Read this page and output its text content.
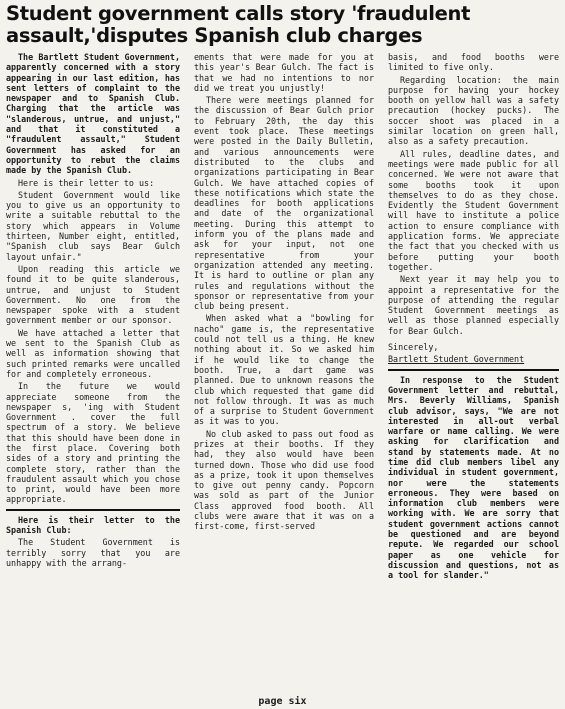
Student government calls story 'fraudulent
assault,'disputes Spanish club charges

The Bartlett Student Government, apparently concerned with a story appearing in our last edition, has sent letters of complaint to the newspaper and to Spanish Club. Charging that the article was "slanderous, untrue, and unjust," and that it constituted a "fraudulent assault," Student Government has asked for an opportunity to rebut the claims made by the Spanish Club.

Here is their letter to us:

Student Government would like you to give us an opportunity to write a suitable rebuttal to the story which appears in Volume thirteen, Number eight, entitled, "Spanish club says Bear Gulch layout unfair."

Upon reading this article we found it to be quite slanderous, untrue, and unjust to Student Government. No one from the newspaper spoke with a student government member or our sponsor.

We have attached a letter that we sent to the Spanish Club as well as information showing that such printed remarks were uncalled for and completely erroneous.

In the future we would appreciate someone from the newspaper s, 'ing with Student Government . cover the full spectrum of a story. We believe that this should have been done in the first place. Covering both sides of a story and printing the complete story, rather than the fraudulent assault which you chose to print, would have been more appropriate.

Here is their letter to the Spanish Club:

The Student Government is terribly sorry that you are unhappy with the arrang-

ements that were made for you at this year's Bear Gulch. The fact is that we had no intentions to nor did we treat you unjustly!

There were meetings planned for the discussion of Bear Gulch prior to February 20th, the day this event took place. These meetings were posted in the Daily Bulletin, and various announcements were distributed to the clubs and organizations participating in Bear Gulch. We have attached copies of these notifications which state the deadlines for booth applications and date of the organizational meeting. During this attempt to inform you of the plans made and ask for your input, not one representative from your organization attended any meeting. It is hard to outline or plan any rules and regulations without the sponsor or representative from your club being present.

When asked what a "bowling for nacho" game is, the representative could not tell us a thing. He knew nothing about it. So we asked him if he would like to change the booth. True, a dart game was planned. Due to unknown reasons the club which requested that game did not follow through. It was as much of a surprise to Student Government as it was to you.

No club asked to pass out food as prizes at their booths. If they had, they also would have been turned down. Those who did use food as a prize, took it upon themselves to give out penny candy. Popcorn was sold as part of the Junior Class approved food booth. All clubs were aware that it was on a first-come, first-served

basis, and food booths were limited to five only.

Regarding location: the main purpose for having your hockey booth on yellow hall was a safety precaution (hockey pucks). The soccer shoot was placed in a similar location on green hall, also as a safety precaution.

All rules, deadline dates, and meetings were made public for all concerned. We were not aware that some booths took it upon themselves to do as they chose. Evidently the Student Government will have to institute a police action to ensure compliance with application forms. We appreciate the fact that you checked with us before putting your booth together.

Next year it may help you to appoint a representative for the purpose of attending the regular Student Government meetings as well as those planned especially for Bear Gulch.

Sincerely,

Bartlett Student Government

In response to the Student Government letter and rebuttal, Mrs. Beverly Williams, Spanish club advisor, says, "We are not interested in all-out verbal warfare or name calling. We were asking for clarification and stand by statements made. At no time did club members libel any individual in student government, nor were the statements erroneous. They were based on information club members were working with. We are sorry that student government actions cannot be questioned and are beyond repute. We regarded our school paper as one vehicle for discussion and questions, not as a tool for slander."

page six
